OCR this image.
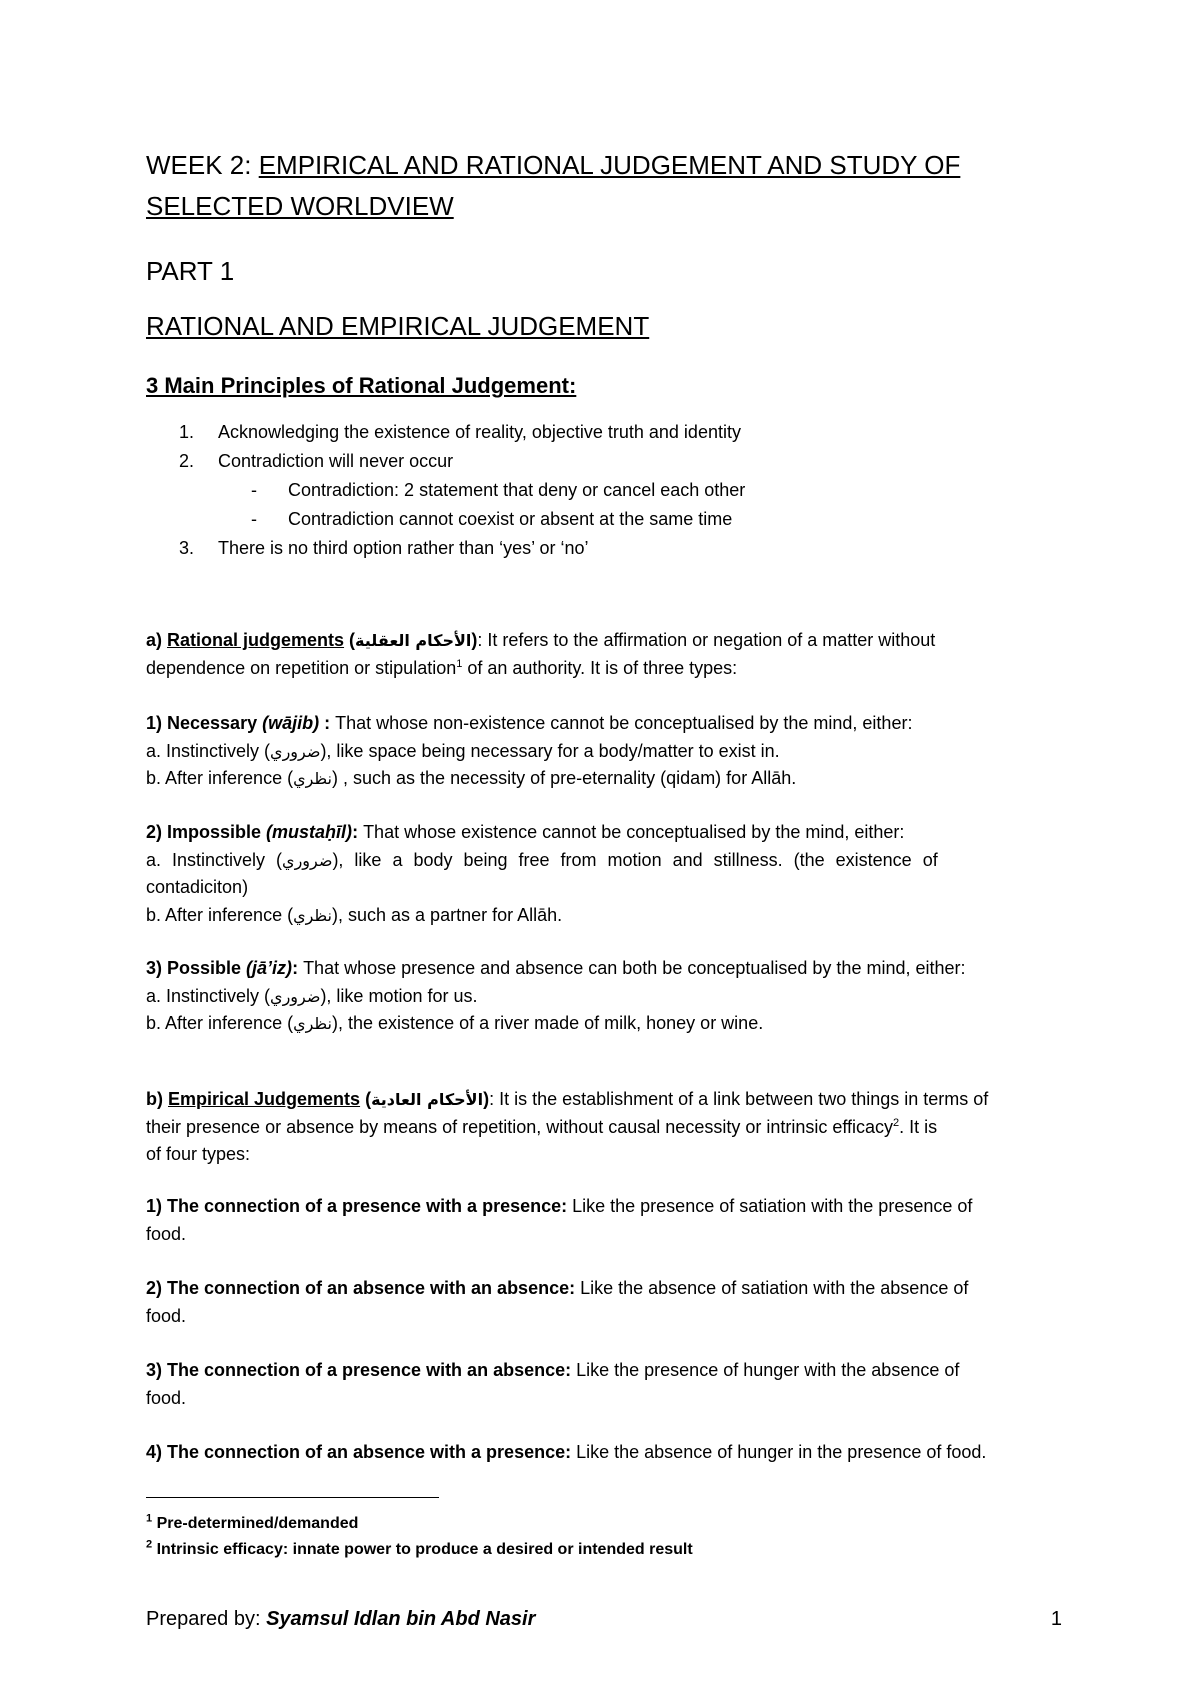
WEEK 2: EMPIRICAL AND RATIONAL JUDGEMENT AND STUDY OF
SELECTED WORLDVIEW
PART 1
RATIONAL AND EMPIRICAL JUDGEMENT
3 Main Principles of Rational Judgement:
1. Acknowledging the existence of reality, objective truth and identity
2. Contradiction will never occur
- Contradiction: 2 statement that deny or cancel each other
- Contradiction cannot coexist or absent at the same time
3. There is no third option rather than ‘yes’ or ‘no’
a) Rational judgements (الأحكام العقلية): It refers to the affirmation or negation of a matter without
dependence on repetition or stipulation$^1$ of an authority. It is of three types:
1) Necessary (wājib) : That whose non-existence cannot be conceptualised by the mind, either:
a. Instinctively (ضروري), like space being necessary for a body/matter to exist in.
b. After inference (نظري) , such as the necessity of pre-eternality (qidam) for Allāh.
2) Impossible (mustaḥīl): That whose existence cannot be conceptualised by the mind, either:
a. Instinctively (ضروري), like a body being free from motion and stillness. (the existence of
contadiciton)
b. After inference (نظري), such as a partner for Allāh.
3) Possible (jā’iz): That whose presence and absence can both be conceptualised by the mind, either:
a. Instinctively (ضروري), like motion for us.
b. After inference (نظري), the existence of a river made of milk, honey or wine.
b) Empirical Judgements (الأحكام العادية): It is the establishment of a link between two things in terms of
their presence or absence by means of repetition, without causal necessity or intrinsic efficacy$^2$. It is
of four types:
1) The connection of a presence with a presence: Like the presence of satiation with the presence of
food.
2) The connection of an absence with an absence: Like the absence of satiation with the absence of
food.
3) The connection of a presence with an absence: Like the presence of hunger with the absence of
food.
4) The connection of an absence with a presence: Like the absence of hunger in the presence of food.
$^1$ Pre-determined/demanded
$^2$ Intrinsic efficacy: innate power to produce a desired or intended result
Prepared by: Syamsul Idlan bin Abd Nasir	1
